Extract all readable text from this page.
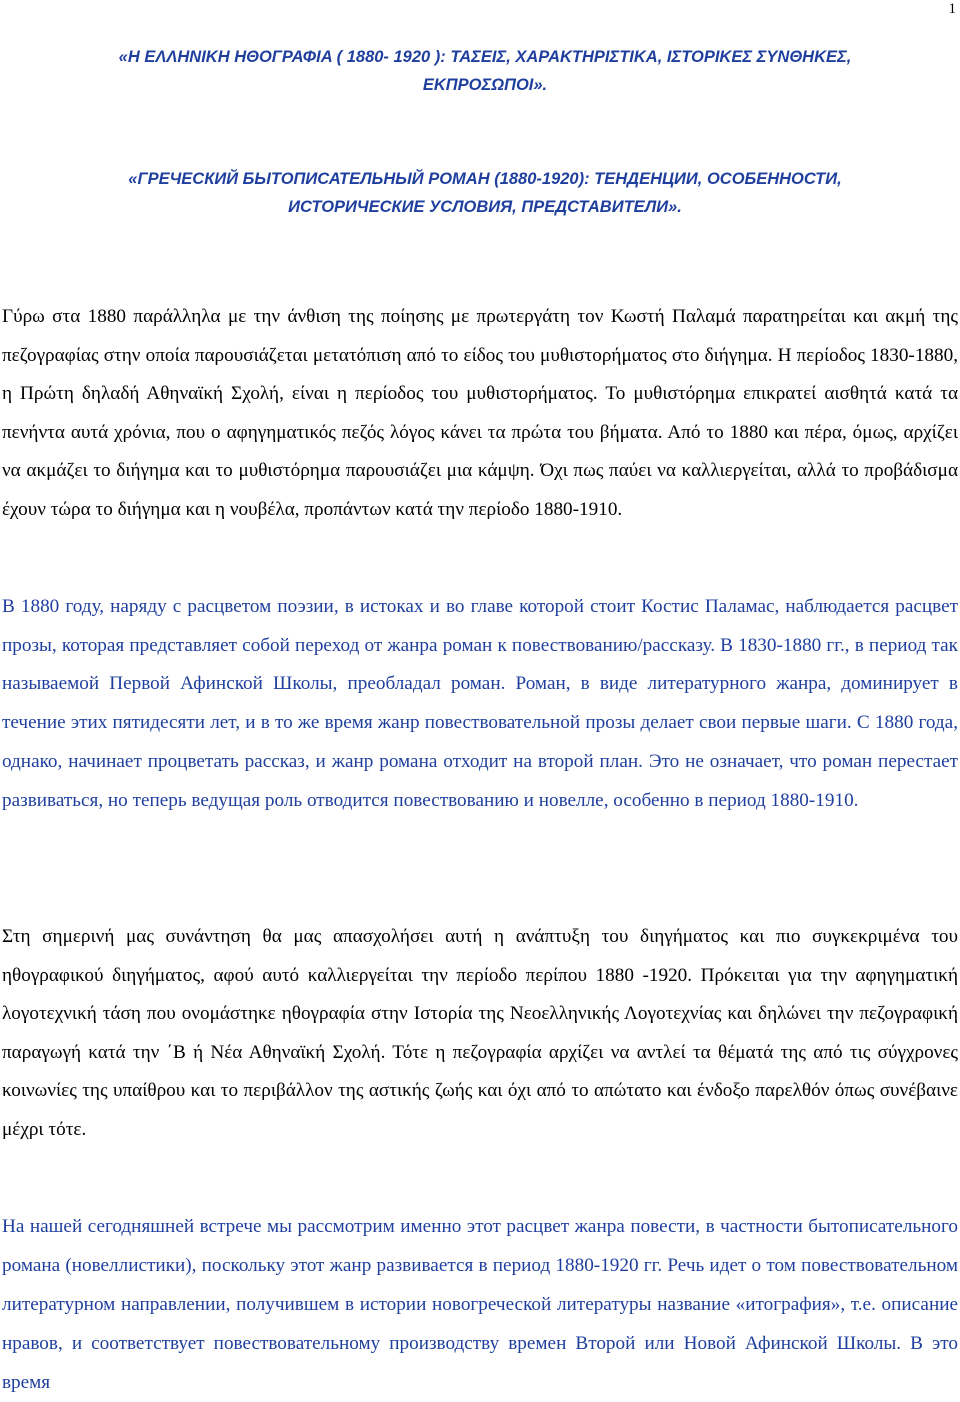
1
«Η ΕΛΛΗΝΙΚΗ ΗΘΟΓΡΑΦΙΑ ( 1880- 1920 ): ΤΑΣΕΙΣ, ΧΑΡΑΚΤΗΡΙΣΤΙΚΑ, ΙΣΤΟΡΙΚΕΣ ΣΥΝΘΗΚΕΣ, ΕΚΠΡΟΣΩΠΟΙ».
«ГРЕЧЕСКИЙ БЫТОПИСАТЕЛЬНЫЙ РОМАН (1880-1920): ТЕНДЕНЦИИ, ОСОБЕННОСТИ, ИСТОРИЧЕСКИЕ УСЛОВИЯ, ПРЕДСТАВИТЕЛИ».

Γύρω στα 1880 παράλληλα με την άνθιση της ποίησης με πρωτεργάτη τον Κωστή Παλαμά παρατηρείται και ακμή της πεζογραφίας στην οποία παρουσιάζεται μετατόπιση από το είδος του μυθιστορήματος στο διήγημα. Η περίοδος 1830-1880, η Πρώτη δηλαδή Αθηναϊκή Σχολή, είναι η περίοδος του μυθιστορήματος. Το μυθιστόρημα επικρατεί αισθητά κατά τα πενήντα αυτά χρόνια, που ο αφηγηματικός πεζός λόγος κάνει τα πρώτα του βήματα. Από το 1880 και πέρα, όμως, αρχίζει να ακμάζει το διήγημα και το μυθιστόρημα παρουσιάζει μια κάμψη. Όχι πως παύει να καλλιεργείται, αλλά το προβάδισμα έχουν τώρα το διήγημα και η νουβέλα, προπάντων κατά την περίοδο 1880-1910.

В 1880 году, наряду с расцветом поэзии, в истоках и во главе которой стоит Костис Паламас, наблюдается расцвет прозы, которая представляет собой переход от жанра роман к повествованию/рассказу. В 1830-1880 гг., в период так называемой Первой Афинской Школы, преобладал роман. Роман, в виде литературного жанра, доминирует в течение этих пятидесяти лет, и в то же время жанр повествовательной прозы делает свои первые шаги. С 1880 года, однако, начинает процветать рассказ, и жанр романа отходит на второй план. Это не означает, что роман перестает развиваться, но теперь ведущая роль отводится повествованию и новелле, особенно в период 1880-1910.

Στη σημερινή μας συνάντηση θα μας απασχολήσει αυτή η ανάπτυξη του διηγήματος και πιο συγκεκριμένα του ηθογραφικού διηγήματος, αφού αυτό καλλιεργείται την περίοδο περίπου 1880 -1920. Πρόκειται για την αφηγηματική λογοτεχνική τάση που ονομάστηκε ηθογραφία στην Ιστορία της Νεοελληνικής Λογοτεχνίας και δηλώνει την πεζογραφική παραγωγή κατά την ΄Β ή Νέα Αθηναϊκή Σχολή. Τότε η πεζογραφία αρχίζει να αντλεί τα θέματά της από τις σύγχρονες κοινωνίες της υπαίθρου και το περιβάλλον της αστικής ζωής και όχι από το απώτατο και ένδοξο παρελθόν όπως συνέβαινε μέχρι τότε.

На нашей сегодняшней встрече мы рассмотрим именно этот расцвет жанра повести, в частности бытописательного романа (новеллистики), поскольку этот жанр развивается в период 1880-1920 гг. Речь идет о том повествовательном литературном направлении, получившем в истории новогреческой литературы название «итография», т.е. описание нравов, и соответствует повествовательному производству времен Второй или Новой Афинской Школы. В это время
